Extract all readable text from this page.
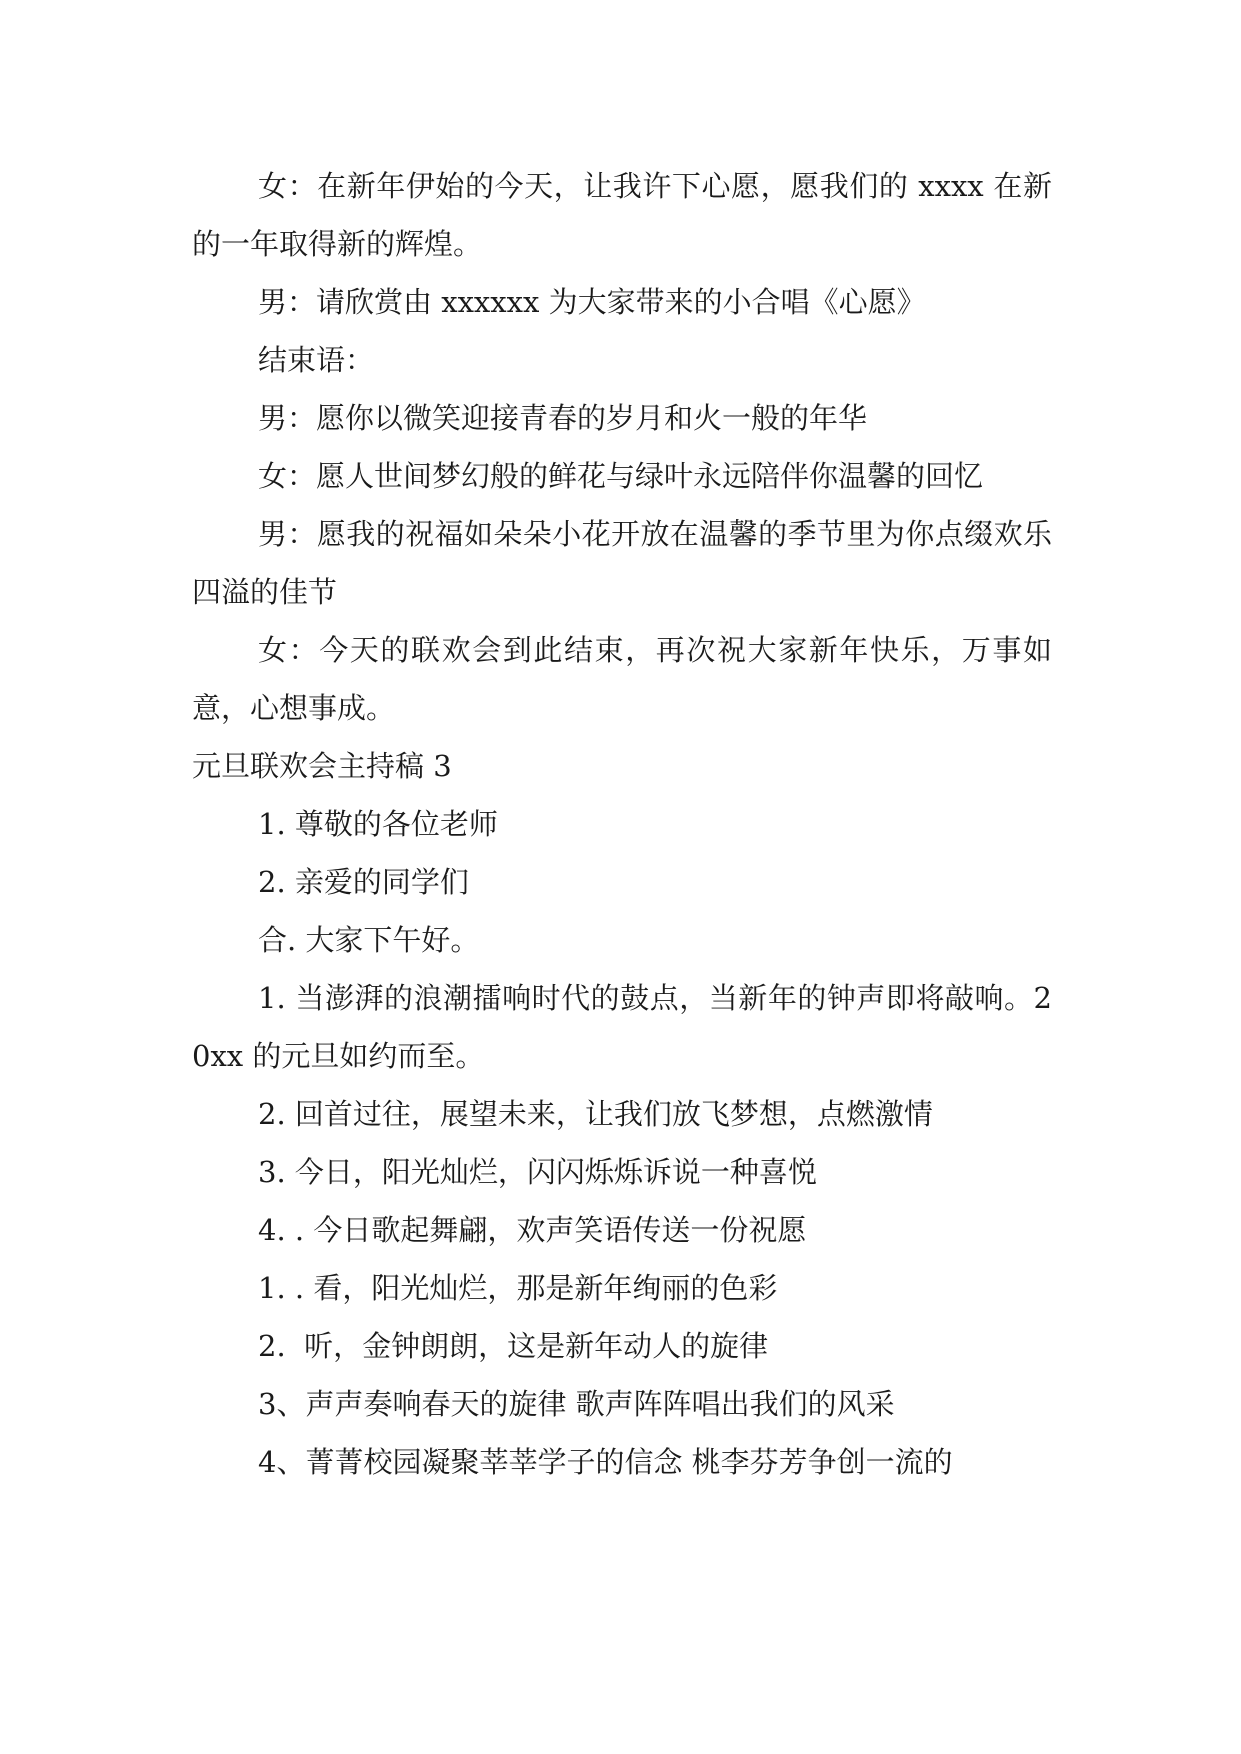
女：在新年伊始的今天，让我许下心愿，愿我们的 xxxx 在新的一年取得新的辉煌。

男：请欣赏由 xxxxxx 为大家带来的小合唱《心愿》

结束语：

男：愿你以微笑迎接青春的岁月和火一般的年华

女：愿人世间梦幻般的鲜花与绿叶永远陪伴你温馨的回忆

男：愿我的祝福如朵朵小花开放在温馨的季节里为你点缀欢乐四溢的佳节

女：今天的联欢会到此结束，再次祝大家新年快乐，万事如意，心想事成。

元旦联欢会主持稿 3

1. 尊敬的各位老师

2. 亲爱的同学们

合. 大家下午好。

1. 当澎湃的浪潮擂响时代的鼓点，当新年的钟声即将敲响。20xx 的元旦如约而至。

2. 回首过往，展望未来，让我们放飞梦想，点燃激情

3. 今日，阳光灿烂，闪闪烁烁诉说一种喜悦

4. . 今日歌起舞翩，欢声笑语传送一份祝愿

1. . 看，阳光灿烂，那是新年绚丽的色彩

2.  听，金钟朗朗，这是新年动人的旋律

3、声声奏响春天的旋律 歌声阵阵唱出我们的风采

4、菁菁校园凝聚莘莘学子的信念 桃李芬芳争创一流的
